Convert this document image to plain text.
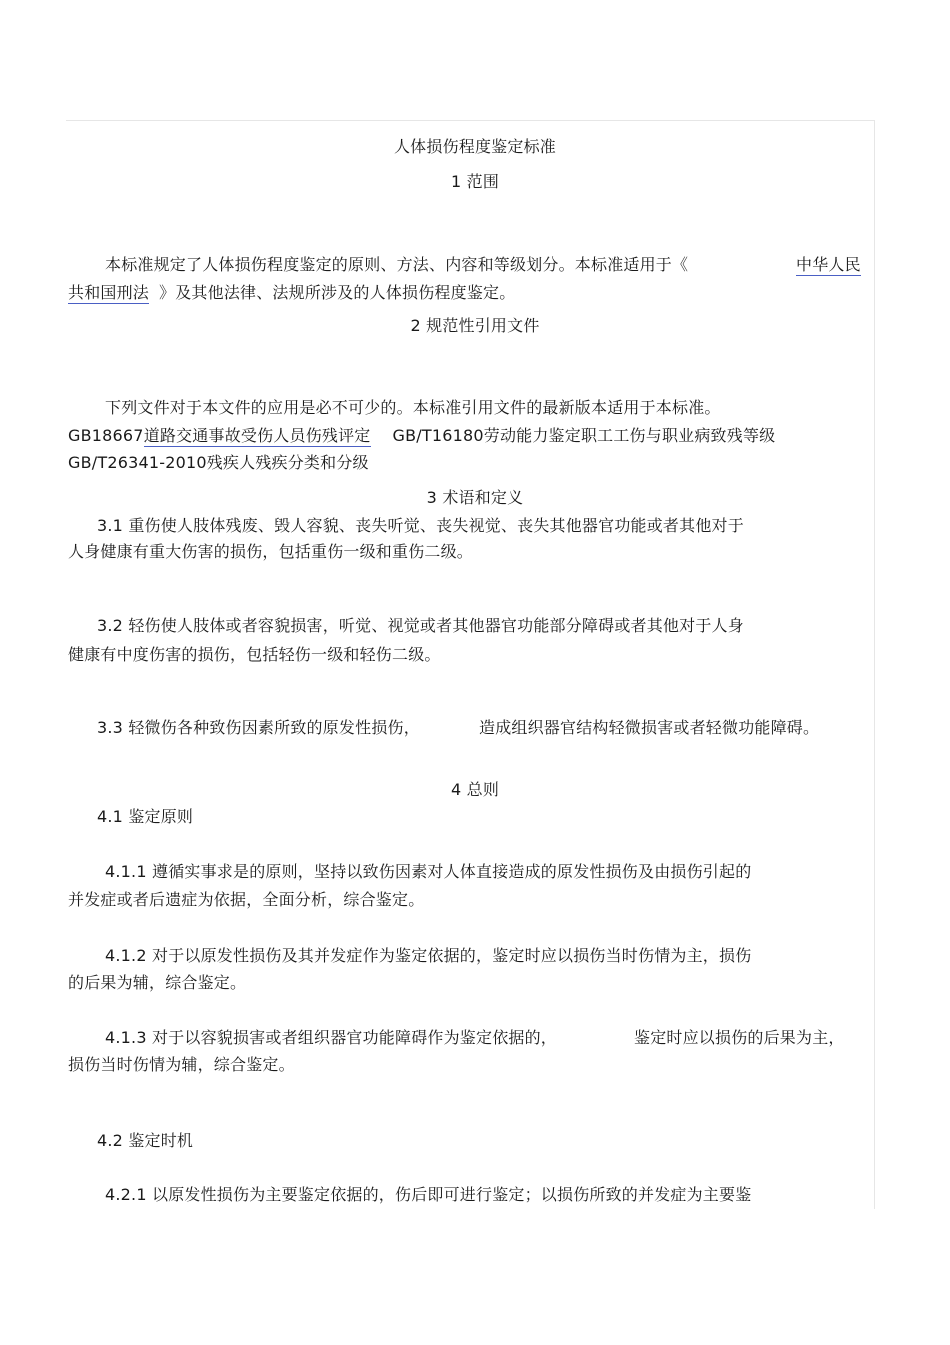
人体损伤程度鉴定标准
1 范围
本标准规定了人体损伤程度鉴定的原则、方法、内容和等级划分。本标准适用于《	中华人民
共和国刑法 》及其他法律、法规所涉及的人体损伤程度鉴定。
2 规范性引用文件
下列文件对于本文件的应用是必不可少的。本标准引用文件的最新版本适用于本标准。
GB18667道路交通事故受伤人员伤残评定 GB/T16180劳动能力鉴定职工工伤与职业病致残等级
GB/T26341-2010残疾人残疾分类和分级
3 术语和定义
3.1 重伤使人肢体残废、毁人容貌、丧失听觉、丧失视觉、丧失其他器官功能或者其他对于
人身健康有重大伤害的损伤，包括重伤一级和重伤二级。
3.2 轻伤使人肢体或者容貌损害，听觉、视觉或者其他器官功能部分障碍或者其他对于人身
健康有中度伤害的损伤，包括轻伤一级和轻伤二级。
3.3 轻微伤各种致伤因素所致的原发性损伤，	造成组织器官结构轻微损害或者轻微功能障碍。
4 总则
4.1 鉴定原则
4.1.1 遵循实事求是的原则，坚持以致伤因素对人体直接造成的原发性损伤及由损伤引起的
并发症或者后遗症为依据，全面分析，综合鉴定。
4.1.2 对于以原发性损伤及其并发症作为鉴定依据的，鉴定时应以损伤当时伤情为主，损伤
的后果为辅，综合鉴定。
4.1.3 对于以容貌损害或者组织器官功能障碍作为鉴定依据的，	鉴定时应以损伤的后果为主，
损伤当时伤情为辅，综合鉴定。
4.2 鉴定时机
4.2.1 以原发性损伤为主要鉴定依据的，伤后即可进行鉴定；以损伤所致的并发症为主要鉴
